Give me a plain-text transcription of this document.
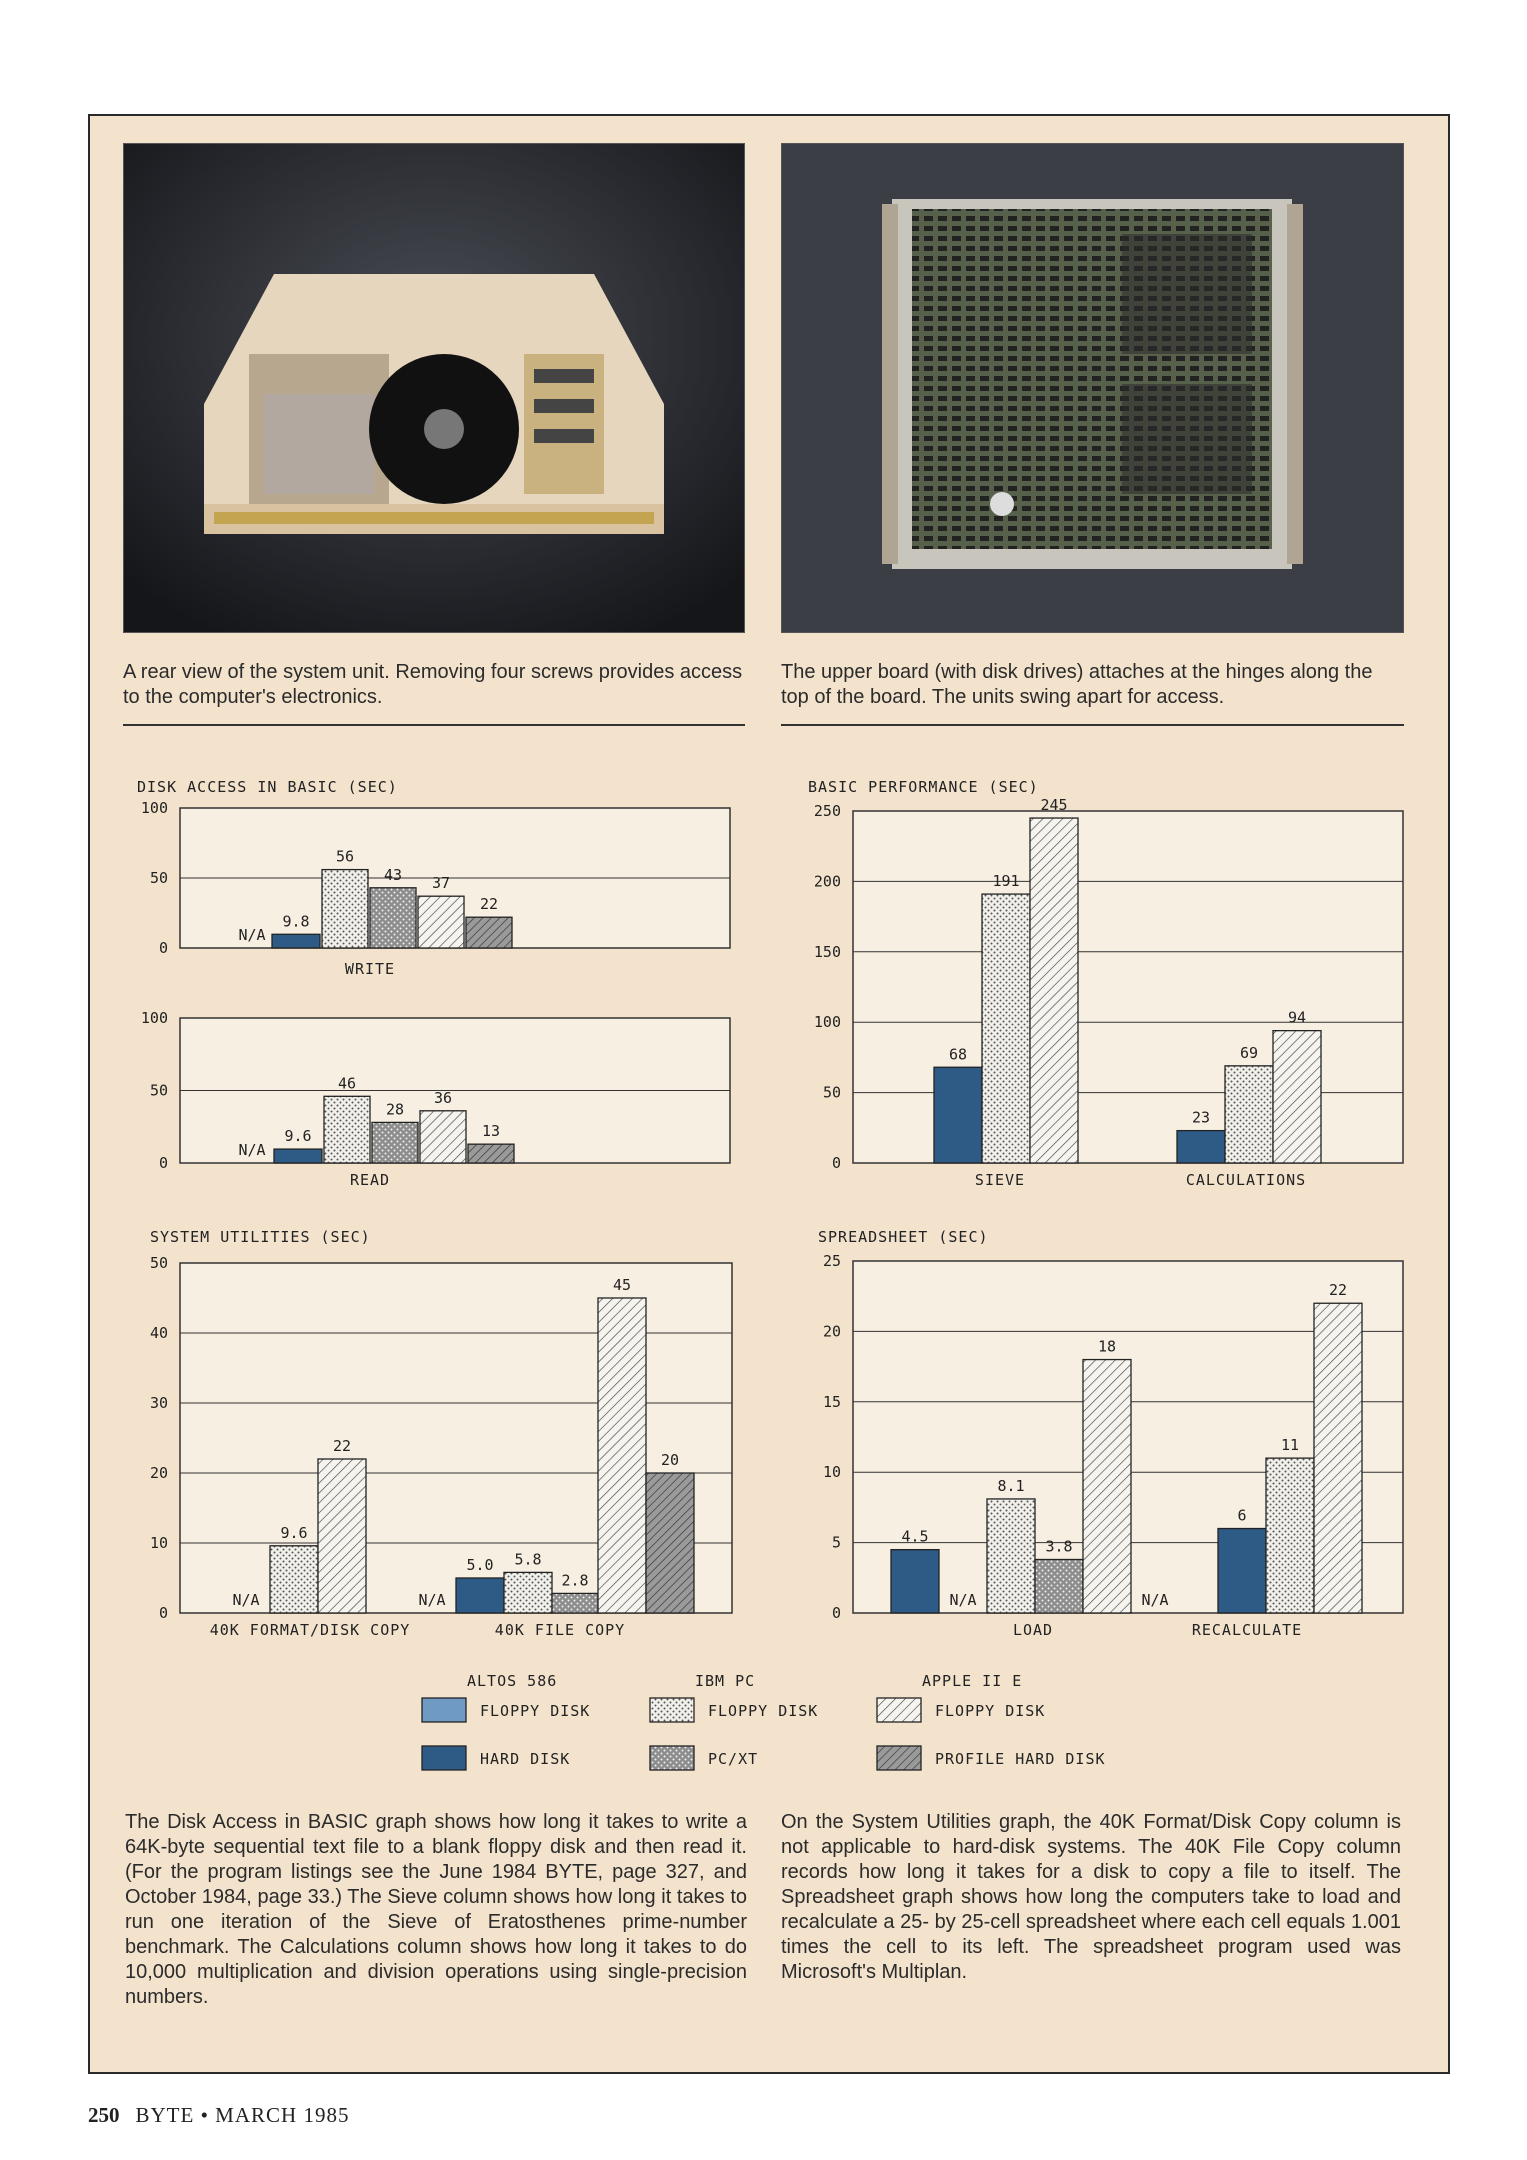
A rear view of the system unit. Removing four screws provides access to the computer's electronics.
The upper board (with disk drives) attaches at the hinges along the top of the board. The units swing apart for access.
DISK ACCESS IN BASIC (SEC)
0
50
100
N/A
9.8
56
43 37
22
WRITE
0
50
100
N/A
9.6
46
28
36
13
READ
BASIC PERFORMANCE (SEC)
0
50
100
150
200
250
68
191
245
SIEVE
23
69
94
CALCULATIONS
SYSTEM UTILITIES (SEC)
0
10
20
30
40
50
N/A
9.6
22
40K FORMAT/DISK COPY
N/A
5.0 5.8
2.8
45
20
40K FILE COPY
SPREADSHEET (SEC)
0
5
10
15
20
25
4.5
N/A
8.1
3.8
18
N/A
LOAD
6
11
22
RECALCULATE
ALTOS 586
FLOPPY DISK
HARD DISK
IBM PC
FLOPPY DISK
PC/XT
APPLE II E
FLOPPY DISK
PROFILE HARD DISK
The Disk Access in BASIC graph shows how long it takes to write a 64K-byte sequential text file to a blank floppy disk and then read it. (For the program listings see the June 1984 BYTE, page 327, and October 1984, page 33.) The Sieve column shows how long it takes to run one iteration of the Sieve of Eratosthenes prime-number benchmark. The Calculations column shows how long it takes to do 10,000 multiplication and division operations using single-precision numbers.
On the System Utilities graph, the 40K Format/Disk Copy column is not applicable to hard-disk systems. The 40K File Copy column records how long it takes for a disk to copy a file to itself. The Spreadsheet graph shows how long the computers take to load and recalculate a 25- by 25-cell spreadsheet where each cell equals 1.001 times the cell to its left. The spreadsheet program used was Microsoft's Multiplan.
250 BYTE • MARCH 1985
